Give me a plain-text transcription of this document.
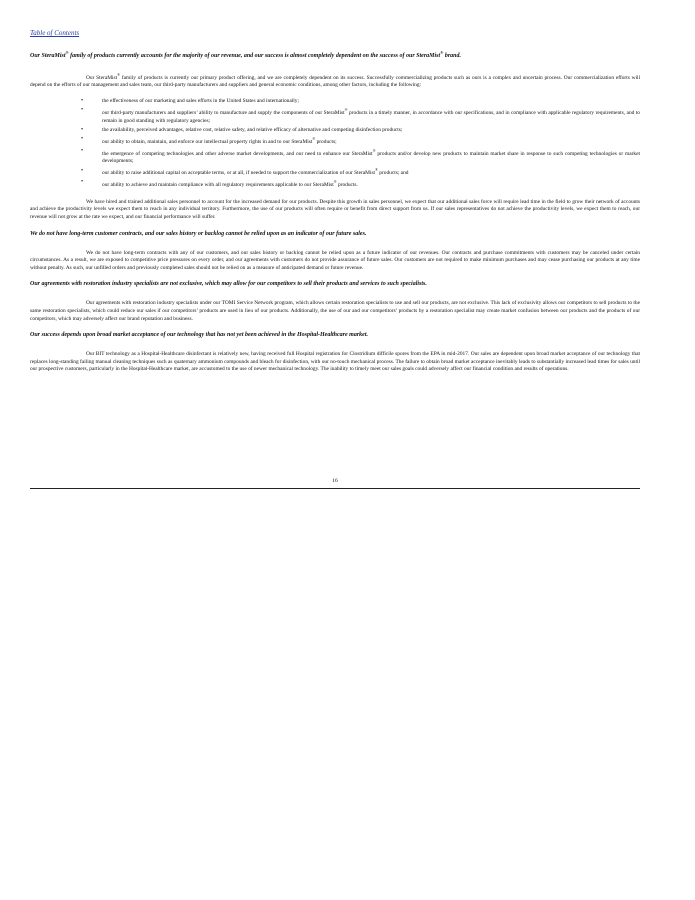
Table of Contents

Our SteraMist® family of products currently accounts for the majority of our revenue, and our success is almost completely dependent on the success of our SteraMist® brand.

Our SteraMist® family of products is currently our primary product offering, and we are completely dependent on its success. Successfully commercializing products such as ours is a complex and uncertain process. Our commercialization efforts will depend on the efforts of our management and sales team, our third-party manufacturers and suppliers and general economic conditions, among other factors, including the following:

•	the effectiveness of our marketing and sales efforts in the United States and internationally;
•	our third-party manufacturers and suppliers’ ability to manufacture and supply the components of our SteraMist® products in a timely manner, in accordance with our specifications, and in compliance with applicable regulatory requirements, and to remain in good standing with regulatory agencies;
•	the availability, perceived advantages, relative cost, relative safety, and relative efficacy of alternative and competing disinfection products;
•	our ability to obtain, maintain, and enforce our intellectual property rights in and to our SteraMist® products;
•	the emergence of competing technologies and other adverse market developments, and our need to enhance our SteraMist® products and/or develop new products to maintain market share in response to such competing technologies or market developments;
•	our ability to raise additional capital on acceptable terms, or at all, if needed to support the commercialization of our SteraMist® products; and
•	our ability to achieve and maintain compliance with all regulatory requirements applicable to our SteraMist® products.

We have hired and trained additional sales personnel to account for the increased demand for our products. Despite this growth in sales personnel, we expect that our additional sales force will require lead time in the field to grow their network of accounts and achieve the productivity levels we expect them to reach in any individual territory. Furthermore, the use of our products will often require or benefit from direct support from us. If our sales representatives do not achieve the productivity levels, we expect them to reach, our revenue will not grow at the rate we expect, and our financial performance will suffer.

We do not have long-term customer contracts, and our sales history or backlog cannot be relied upon as an indicator of our future sales.

We do not have long-term contracts with any of our customers, and our sales history or backlog cannot be relied upon as a future indicator of our revenues. Our contracts and purchase commitments with customers may be canceled under certain circumstances. As a result, we are exposed to competitive price pressures on every order, and our agreements with customers do not provide assurance of future sales. Our customers are not required to make minimum purchases and may cease purchasing our products at any time without penalty. As such, our unfilled orders and previously completed sales should not be relied on as a measure of anticipated demand or future revenue.

Our agreements with restoration industry specialists are not exclusive, which may allow for our competitors to sell their products and services to such specialists.

Our agreements with restoration industry specialists under our TOMI Service Network program, which allows certain restoration specialists to use and sell our products, are not exclusive. This lack of exclusivity allows our competitors to sell products to the same restoration specialists, which could reduce our sales if our competitors’ products are used in lieu of our products. Additionally, the use of our and our competitors’ products by a restoration specialist may create market confusion between our products and the products of our competitors, which may adversely affect our brand reputation and business.

Our success depends upon broad market acceptance of our technology that has not yet been achieved in the Hospital-Healthcare market.

Our BIT technology as a Hospital-Healthcare disinfectant is relatively new, having received full Hospital registration for Clostridium difficile spores from the EPA in mid-2017. Our sales are dependent upon broad market acceptance of our technology that replaces long-standing failing manual cleaning techniques such as quaternary ammonium compounds and bleach for disinfection, with our no-touch mechanical process. The failure to obtain broad market acceptance inevitably leads to substantially increased lead times for sales until our prospective customers, particularly in the Hospital-Healthcare market, are accustomed to the use of newer mechanical technology. The inability to timely meet our sales goals could adversely affect our financial condition and results of operations.

16
